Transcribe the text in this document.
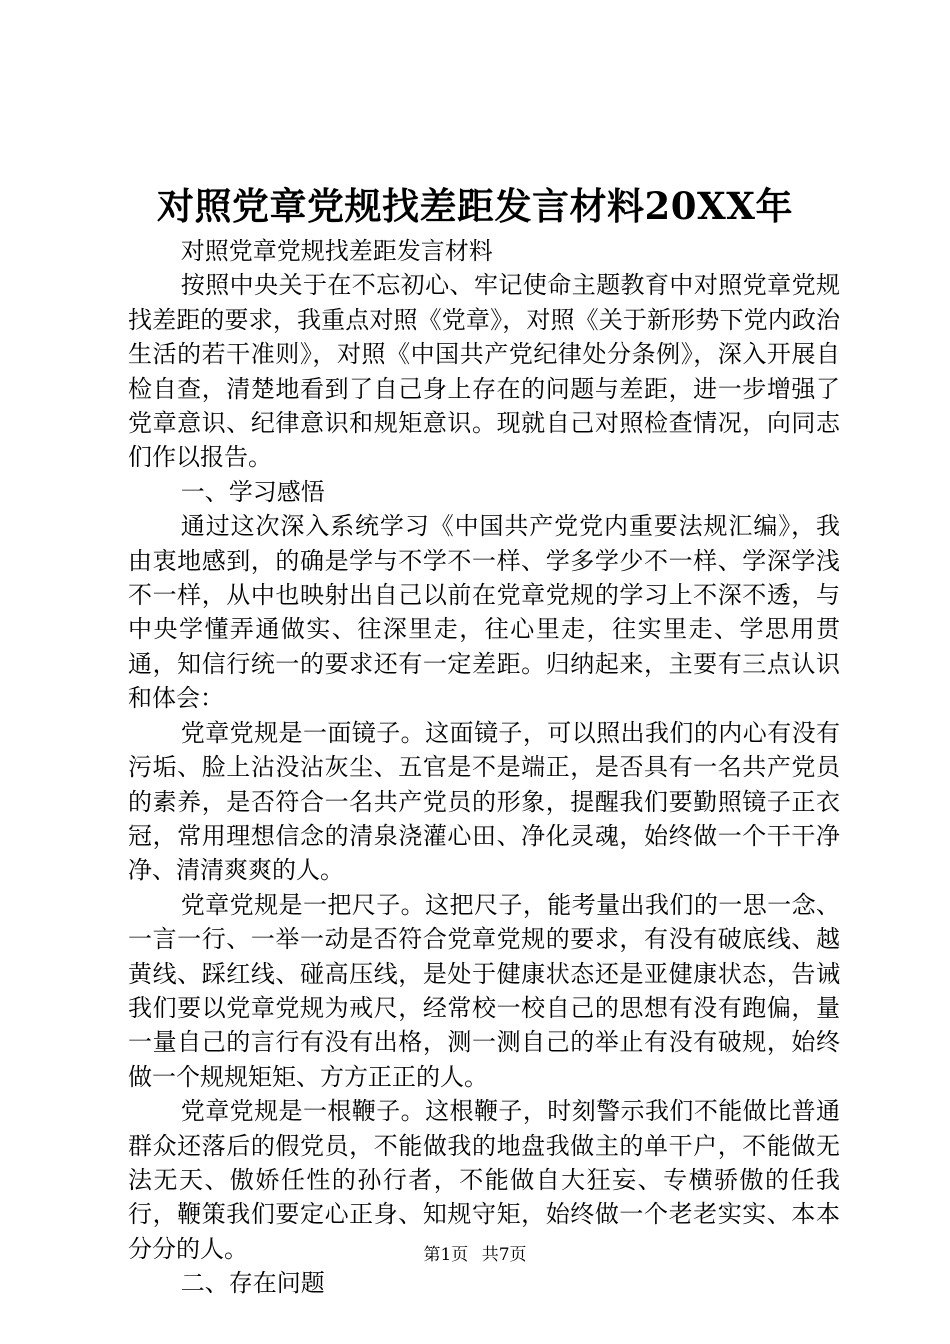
对照党章党规找差距发言材料20XX年

对照党章党规找差距发言材料

按照中央关于在不忘初心、牢记使命主题教育中对照党章党规找差距的要求，我重点对照《党章》，对照《关于新形势下党内政治生活的若干准则》，对照《中国共产党纪律处分条例》，深入开展自检自查，清楚地看到了自己身上存在的问题与差距，进一步增强了党章意识、纪律意识和规矩意识。现就自己对照检查情况，向同志们作以报告。

一、学习感悟

通过这次深入系统学习《中国共产党党内重要法规汇编》，我由衷地感到，的确是学与不学不一样、学多学少不一样、学深学浅不一样，从中也映射出自己以前在党章党规的学习上不深不透，与中央学懂弄通做实、往深里走，往心里走，往实里走、学思用贯通，知信行统一的要求还有一定差距。归纳起来，主要有三点认识和体会：

党章党规是一面镜子。这面镜子，可以照出我们的内心有没有污垢、脸上沾没沾灰尘、五官是不是端正，是否具有一名共产党员的素养，是否符合一名共产党员的形象，提醒我们要勤照镜子正衣冠，常用理想信念的清泉浇灌心田、净化灵魂，始终做一个干干净净、清清爽爽的人。

党章党规是一把尺子。这把尺子，能考量出我们的一思一念、一言一行、一举一动是否符合党章党规的要求，有没有破底线、越黄线、踩红线、碰高压线，是处于健康状态还是亚健康状态，告诫我们要以党章党规为戒尺，经常校一校自己的思想有没有跑偏，量一量自己的言行有没有出格，测一测自己的举止有没有破规，始终做一个规规矩矩、方方正正的人。

党章党规是一根鞭子。这根鞭子，时刻警示我们不能做比普通群众还落后的假党员，不能做我的地盘我做主的单干户，不能做无法无天、傲娇任性的孙行者，不能做自大狂妄、专横骄傲的任我行，鞭策我们要定心正身、知规守矩，始终做一个老老实实、本本分分的人。

二、存在问题

第1页 共7页
